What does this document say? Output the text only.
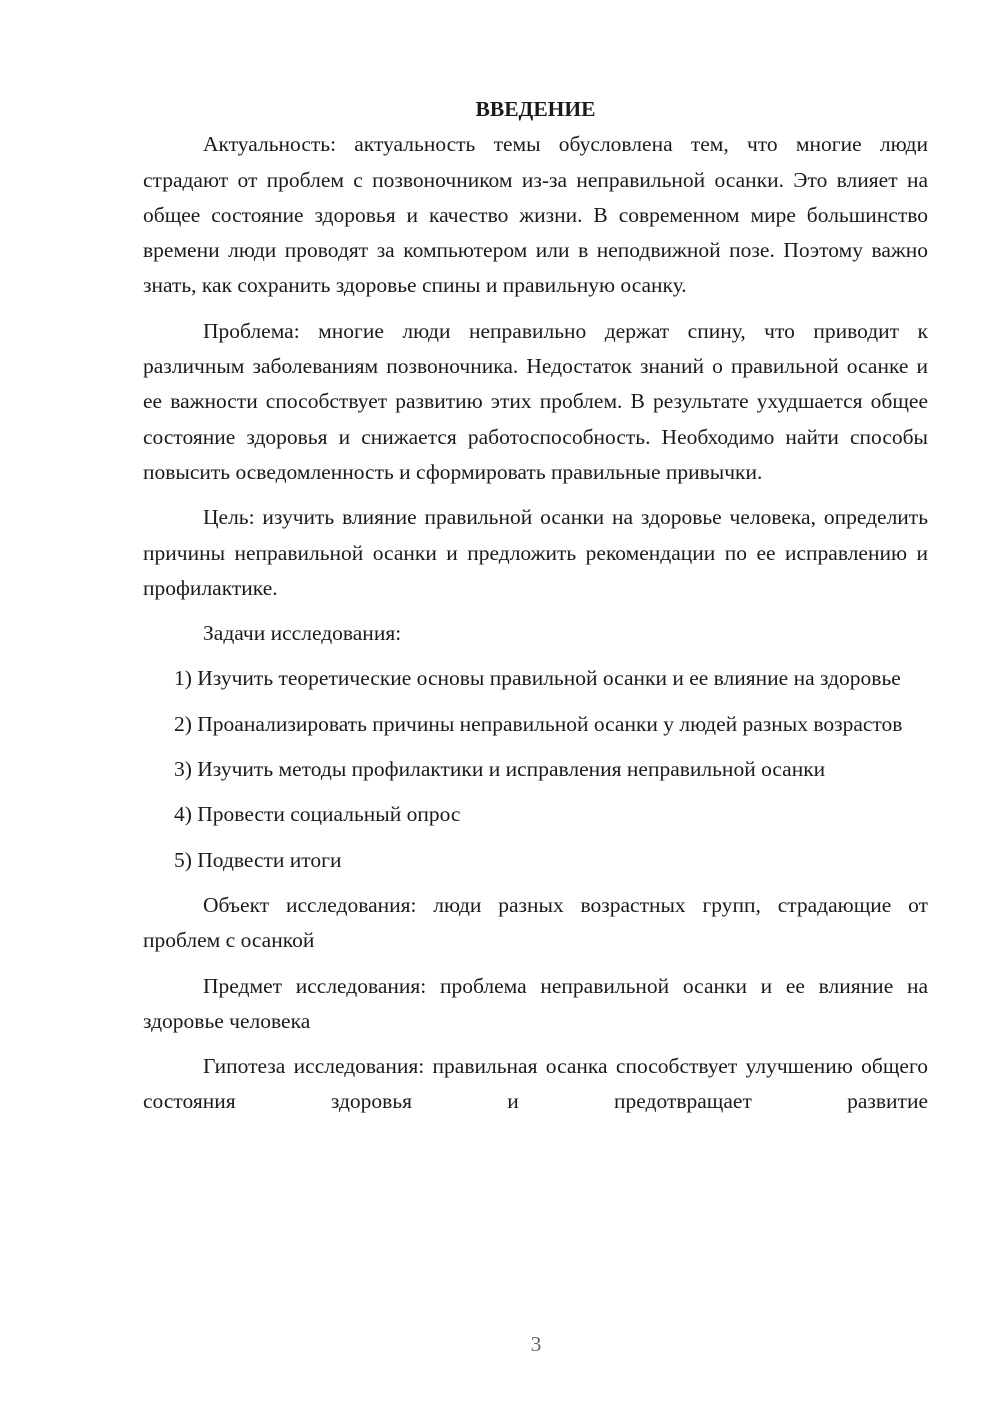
ВВЕДЕНИЕ

Актуальность: актуальность темы обусловлена тем, что многие люди страдают от проблем с позвоночником из-за неправильной осанки. Это влияет на общее состояние здоровья и качество жизни. В современном мире большинство времени люди проводят за компьютером или в неподвижной позе. Поэтому важно знать, как сохранить здоровье спины и правильную осанку.

Проблема: многие люди неправильно держат спину, что приводит к различным заболеваниям позвоночника. Недостаток знаний о правильной осанке и ее важности способствует развитию этих проблем. В результате ухудшается общее состояние здоровья и снижается работоспособность. Необходимо найти способы повысить осведомленность и сформировать правильные привычки.

Цель: изучить влияние правильной осанки на здоровье человека, определить причины неправильной осанки и предложить рекомендации по ее исправлению и профилактике.

Задачи исследования:

1) Изучить теоретические основы правильной осанки и ее влияние на здоровье

2) Проанализировать причины неправильной осанки у людей разных возрастов

3) Изучить методы профилактики и исправления неправильной осанки

4) Провести социальный опрос

5) Подвести итоги

Объект исследования: люди разных возрастных групп, страдающие от проблем с осанкой

Предмет исследования: проблема неправильной осанки и ее влияние на здоровье человека

Гипотеза исследования: правильная осанка способствует улучшению общего состояния здоровья и предотвращает развитие

3
